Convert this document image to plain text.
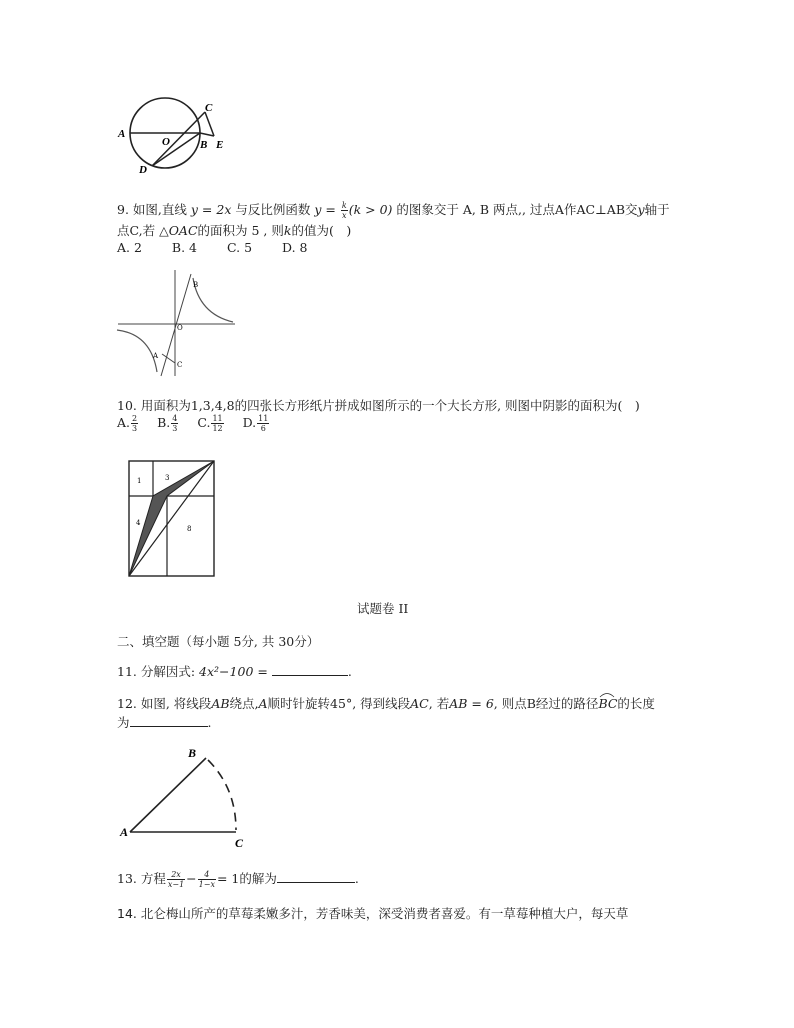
A
O
C
B E
D
9. 如图,直线 y = 2x 与反比例函数 $y = \frac{k}{x} (k > 0)$ 的图象交于 A, B 两点,, 过点A作AC⊥AB交y轴于
点C,若 △OAC的面积为 5 , 则k的值为(　)
A. 2 B. 4 C. 5 D. 8
B
O
A
C
10. 用面积为1,3,4,8的四张长方形纸片拼成如图所示的一个大长方形, 则图中阴影的面积为(　)
A. $\frac{2}{3} B$. $\frac{4}{3} C$. $\frac{11}{12} D$. $\frac{11}{6}$
1	3
4
8
试题卷 II
二、填空题（每小题 5分, 共 30分）
11. 分解因式: 4x²−100 =	.
12. 如图, 将线段AB绕点,A顺时针旋转45°, 得到线段AC, 若AB = 6, 则点B经过的路径
BC的长度
为	.
B
A
C
13. 方程 $\frac{2x}{x-1} - \frac{4}{1-x} = 1$的解为	.
14. 北仑梅山所产的草莓柔嫩多汁，芳香味美，深受消费者喜爱。有一草莓种植大户，每天草
